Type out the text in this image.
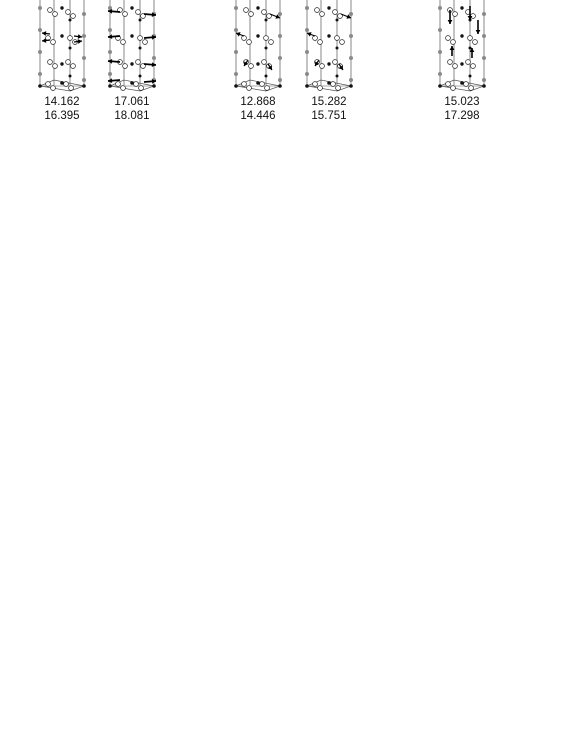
14.162
16.395
17.061
18.081
12.868
14.446
15.282
15.751
15.023
17.298
